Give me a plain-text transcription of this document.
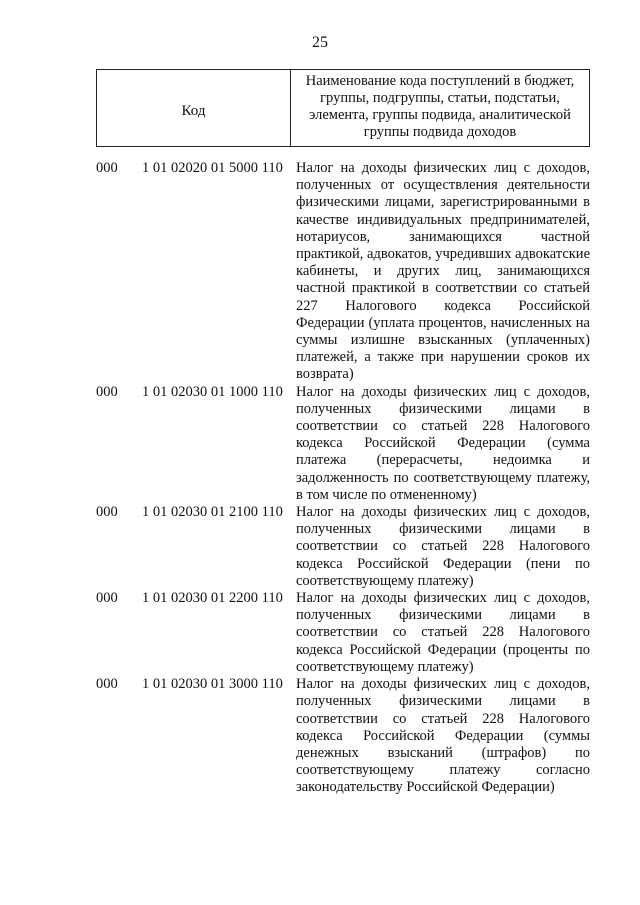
25
Код
Наименование кода поступлений в бюджет, группы, подгруппы, статьи, подстатьи, элемента, группы подвида, аналитической группы подвида доходов
000	1 01 02020 01 5000 110 Налог на доходы физических лиц с доходов, полученных от осуществления деятельности физическими лицами, зарегистрированными в качестве индивидуальных предпринимателей, нотариусов, занимающихся частной практикой, адвокатов, учредивших адвокатские кабинеты, и других лиц, занимающихся частной практикой в соответствии со статьей 227 Налогового кодекса Российской Федерации (уплата процентов, начисленных на суммы излишне взысканных (уплаченных) платежей, а также при нарушении сроков их возврата)
000	1 01 02030 01 1000 110 Налог на доходы физических лиц с доходов, полученных физическими лицами в соответствии со статьей 228 Налогового кодекса Российской Федерации (сумма платежа (перерасчеты, недоимка и задолженность по соответствующему платежу, в том числе по отмененному)
000	1 01 02030 01 2100 110 Налог на доходы физических лиц с доходов, полученных физическими лицами в соответствии со статьей 228 Налогового кодекса Российской Федерации (пени по соответствующему платежу)
000	1 01 02030 01 2200 110 Налог на доходы физических лиц с доходов, полученных физическими лицами в соответствии со статьей 228 Налогового кодекса Российской Федерации (проценты по соответствующему платежу)
000	1 01 02030 01 3000 110 Налог на доходы физических лиц с доходов, полученных физическими лицами в соответствии со статьей 228 Налогового кодекса Российской Федерации (суммы денежных взысканий (штрафов) по соответствующему платежу согласно законодательству Российской Федерации)
